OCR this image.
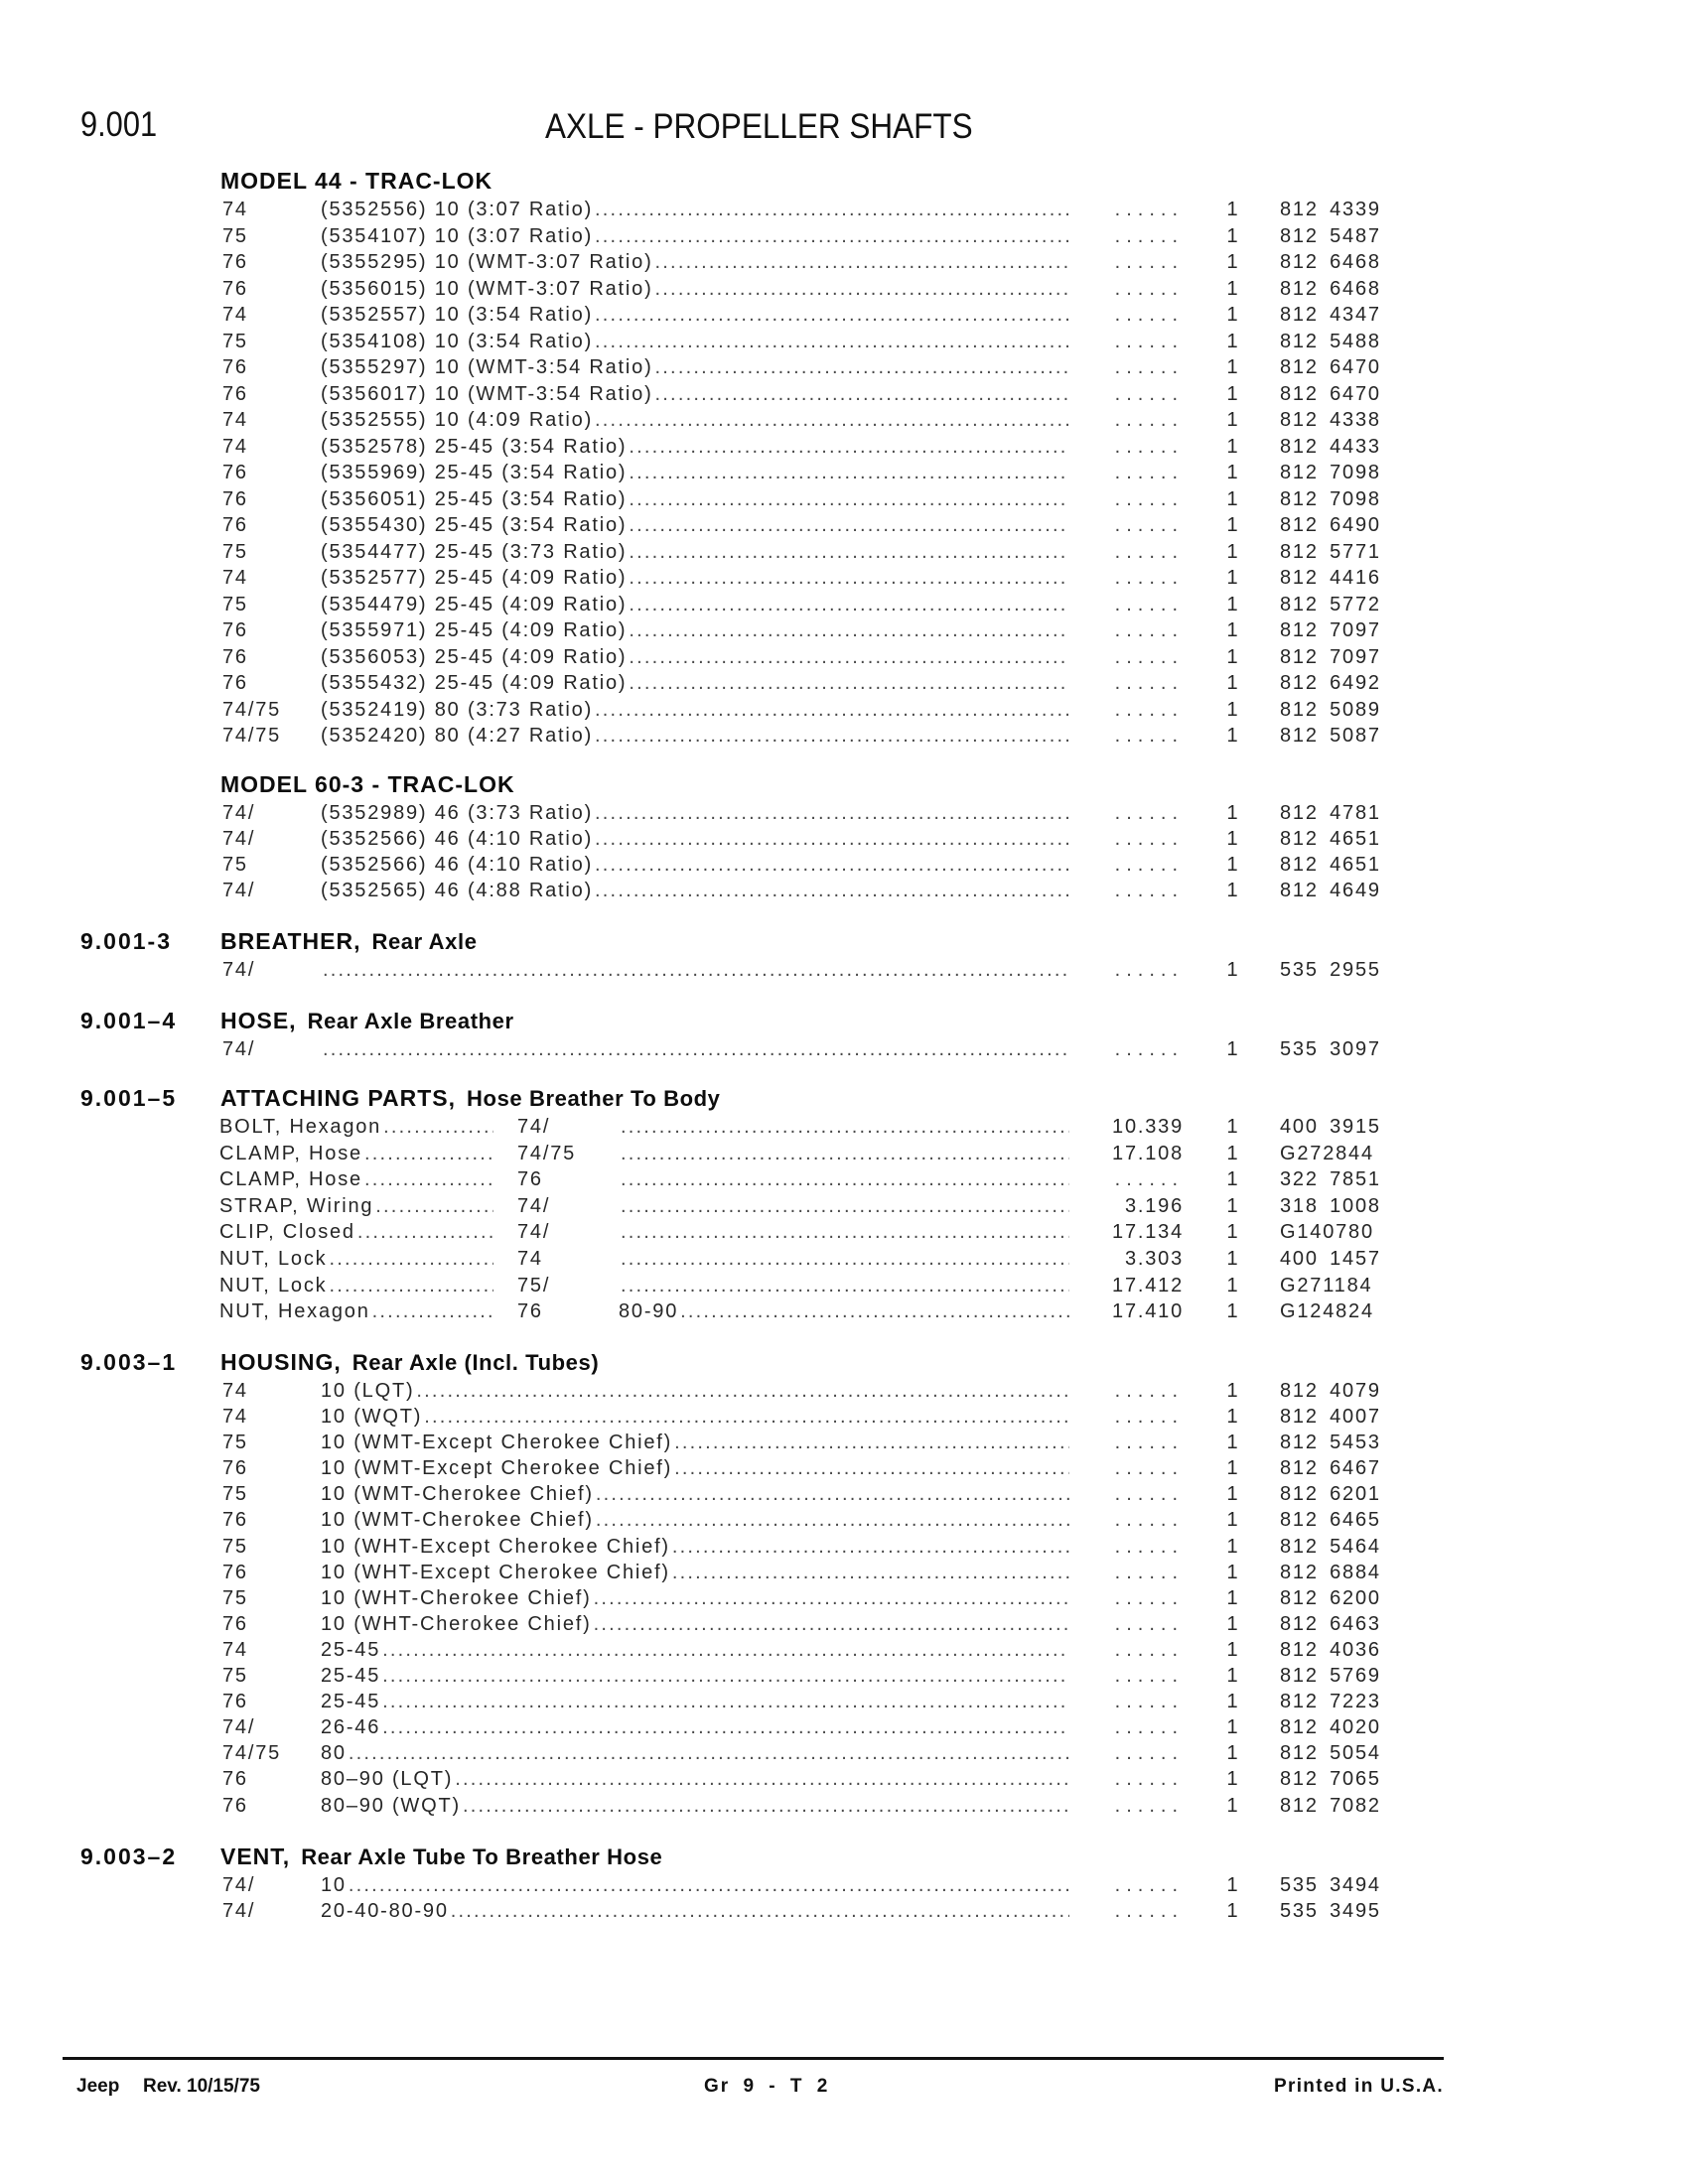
9.001	AXLE - PROPELLER SHAFTS
MODEL 44 - TRAC-LOK
74	(5352556) 10 (3:07 Ratio) .....	......	1	812 4339
75	(5354107) 10 (3:07 Ratio) .....	......	1	812 5487
76	(5355295) 10 (WMT-3:07 Ratio) .....	......	1	812 6468
76	(5356015) 10 (WMT-3:07 Ratio) .....	......	1	812 6468
74	(5352557) 10 (3:54 Ratio) .....	......	1	812 4347
75	(5354108) 10 (3:54 Ratio) .....	......	1	812 5488
76	(5355297) 10 (WMT-3:54 Ratio) .....	......	1	812 6470
76	(5356017) 10 (WMT-3:54 Ratio) .....	......	1	812 6470
74	(5352555) 10 (4:09 Ratio) .....	......	1	812 4338
74	(5352578) 25-45 (3:54 Ratio) .....	......	1	812 4433
76	(5355969) 25-45 (3:54 Ratio) .....	......	1	812 7098
76	(5356051) 25-45 (3:54 Ratio) .....	......	1	812 7098
76	(5355430) 25-45 (3:54 Ratio) .....	......	1	812 6490
75	(5354477) 25-45 (3:73 Ratio) .....	......	1	812 5771
74	(5352577) 25-45 (4:09 Ratio) .....	......	1	812 4416
75	(5354479) 25-45 (4:09 Ratio) .....	......	1	812 5772
76	(5355971) 25-45 (4:09 Ratio) .....	......	1	812 7097
76	(5356053) 25-45 (4:09 Ratio) .....	......	1	812 7097
76	(5355432) 25-45 (4:09 Ratio) .....	......	1	812 6492
74/75	(5352419) 80 (3:73 Ratio) .....	......	1	812 5089
74/75	(5352420) 80 (4:27 Ratio) .....	......	1	812 5087
MODEL 60-3 - TRAC-LOK
74/	(5352989) 46 (3:73 Ratio) .....	......	1	812 4781
74/	(5352566) 46 (4:10 Ratio) .....	......	1	812 4651
75	(5352566) 46 (4:10 Ratio) .....	......	1	812 4651
74/	(5352565) 46 (4:88 Ratio) .....	......	1	812 4649
9.001-3 BREATHER, Rear Axle
74/ .....	......	1	535 2955
9.001–4 HOSE, Rear Axle Breather
74/ .....	......	1	535 3097
9.001–5 ATTACHING PARTS, Hose Breather To Body
BOLT, Hexagon .....	74/ .....	10.339	1	400 3915
CLAMP, Hose .....	74/75 .....	17.108	1	G272844
CLAMP, Hose .....	76 .....	......	1	322 7851
STRAP, Wiring .....	74/ .....	3.196	1	318 1008
CLIP, Closed .....	74/ .....	17.134	1	G140780
NUT, Lock .....	74 .....	3.303	1	400 1457
NUT, Lock .....	75/ .....	17.412	1	G271184
NUT, Hexagon .....	76	80-90 .....	17.410	1	G124824
9.003–1 HOUSING, Rear Axle (Incl. Tubes)
74	10 (LQT) .....	......	1	812 4079
74	10 (WQT) .....	......	1	812 4007
75	10 (WMT-Except Cherokee Chief) .....	......	1	812 5453
76	10 (WMT-Except Cherokee Chief) .....	......	1	812 6467
75	10 (WMT-Cherokee Chief) .....	......	1	812 6201
76	10 (WMT-Cherokee Chief) .....	......	1	812 6465
75	10 (WHT-Except Cherokee Chief) .....	......	1	812 5464
76	10 (WHT-Except Cherokee Chief) .....	......	1	812 6884
75	10 (WHT-Cherokee Chief) .....	......	1	812 6200
76	10 (WHT-Cherokee Chief) .....	......	1	812 6463
74	25-45 .....	......	1	812 4036
75	25-45 .....	......	1	812 5769
76	25-45 .....	......	1	812 7223
74/	26-46 .....	......	1	812 4020
74/75	80 .....	......	1	812 5054
76	80–90 (LQT) .....	......	1	812 7065
76	80–90 (WQT) .....	......	1	812 7082
9.003–2 VENT, Rear Axle Tube To Breather Hose
74/	10 .....	......	1	535 3494
74/	20-40-80-90 .....	......	1	535 3495
Jeep Rev. 10/15/75	Gr 9 - T 2	Printed in U.S.A.
